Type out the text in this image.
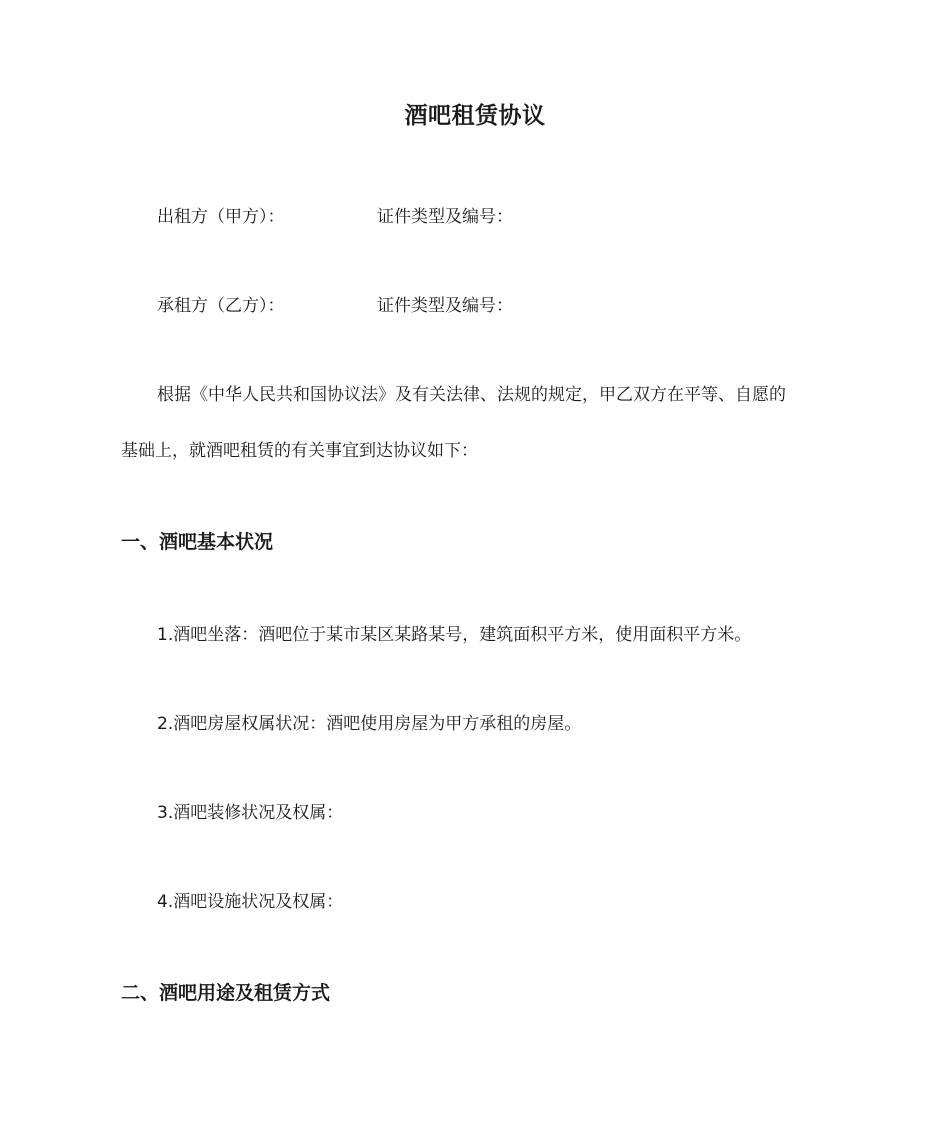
酒吧租赁协议
出租方（甲方）：	证件类型及编号：
承租方（乙方）：	证件类型及编号：
根据《中华人民共和国协议法》及有关法律、法规的规定，甲乙双方在平等、自愿的
基础上，就酒吧租赁的有关事宜到达协议如下：
一、酒吧基本状况
1.酒吧坐落：酒吧位于某市某区某路某号，建筑面积平方米，使用面积平方米。
2.酒吧房屋权属状况：酒吧使用房屋为甲方承租的房屋。
3.酒吧装修状况及权属：
4.酒吧设施状况及权属：
二、酒吧用途及租赁方式
